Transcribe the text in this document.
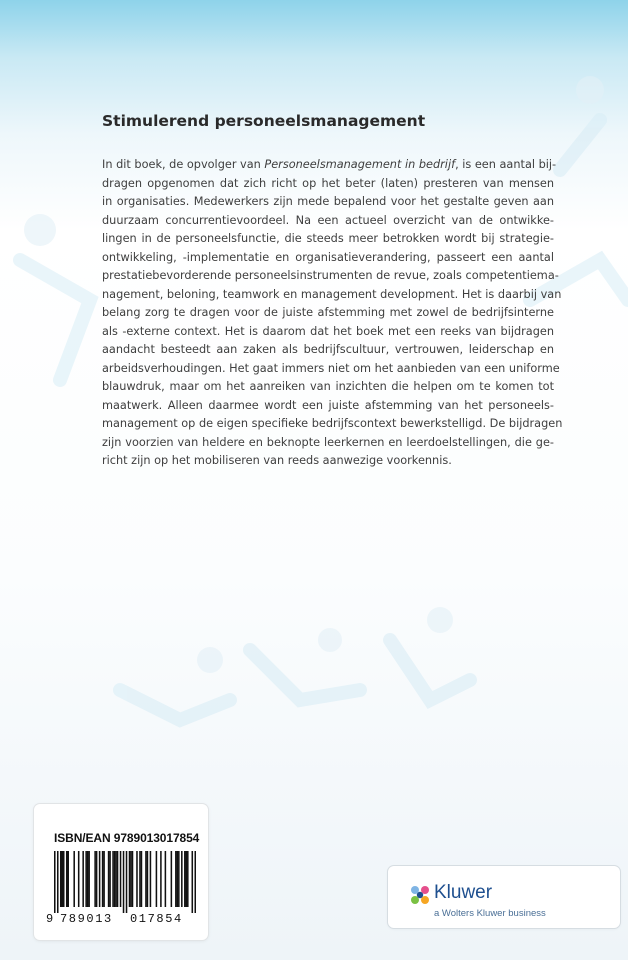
Stimulerend personeelsmanagement
In dit boek, de opvolger van Personeelsmanagement in bedrijf, is een aantal bij-
dragen opgenomen dat zich richt op het beter (laten) presteren van mensen
in organisaties. Medewerkers zijn mede bepalend voor het gestalte geven aan
duurzaam concurrentievoordeel. Na een actueel overzicht van de ontwikke-
lingen in de personeelsfunctie, die steeds meer betrokken wordt bij strategie-
ontwikkeling, -implementatie en organisatieverandering, passeert een aantal
prestatiebevorderende personeelsinstrumenten de revue, zoals competentiema-
nagement, beloning, teamwork en management development. Het is daarbij van
belang zorg te dragen voor de juiste afstemming met zowel de bedrijfsinterne
als -externe context. Het is daarom dat het boek met een reeks van bijdragen
aandacht besteedt aan zaken als bedrijfscultuur, vertrouwen, leiderschap en
arbeidsverhoudingen. Het gaat immers niet om het aanbieden van een uniforme
blauwdruk, maar om het aanreiken van inzichten die helpen om te komen tot
maatwerk. Alleen daarmee wordt een juiste afstemming van het personeels-
management op de eigen specifieke bedrijfscontext bewerkstelligd. De bijdragen
zijn voorzien van heldere en beknopte leerkernen en leerdoelstellingen, die ge-
richt zijn op het mobiliseren van reeds aanwezige voorkennis.
ISBN/EAN 9789013017854
9 789013 017854
Kluwer
a Wolters Kluwer business
